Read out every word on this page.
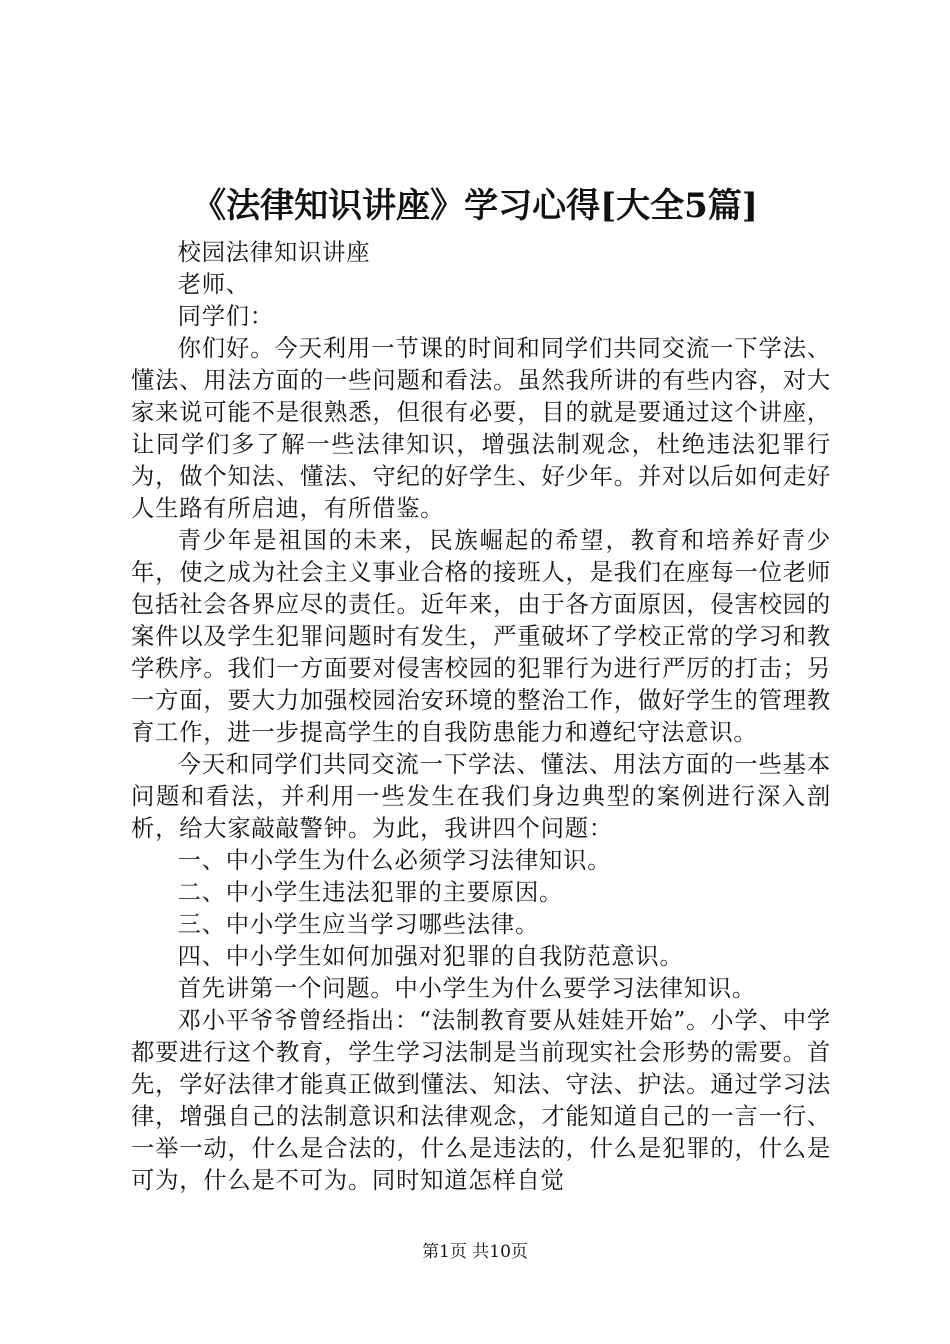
《法律知识讲座》学习心得[大全5篇]

校园法律知识讲座

老师、

同学们：

你们好。今天利用一节课的时间和同学们共同交流一下学法、懂法、用法方面的一些问题和看法。虽然我所讲的有些内容，对大家来说可能不是很熟悉，但很有必要，目的就是要通过这个讲座，让同学们多了解一些法律知识，增强法制观念，杜绝违法犯罪行为，做个知法、懂法、守纪的好学生、好少年。并对以后如何走好人生路有所启迪，有所借鉴。

青少年是祖国的未来，民族崛起的希望，教育和培养好青少年，使之成为社会主义事业合格的接班人，是我们在座每一位老师包括社会各界应尽的责任。近年来，由于各方面原因，侵害校园的案件以及学生犯罪问题时有发生，严重破坏了学校正常的学习和教学秩序。我们一方面要对侵害校园的犯罪行为进行严厉的打击；另一方面，要大力加强校园治安环境的整治工作，做好学生的管理教育工作，进一步提高学生的自我防患能力和遵纪守法意识。

今天和同学们共同交流一下学法、懂法、用法方面的一些基本问题和看法，并利用一些发生在我们身边典型的案例进行深入剖析，给大家敲敲警钟。为此，我讲四个问题：

一、中小学生为什么必须学习法律知识。

二、中小学生违法犯罪的主要原因。

三、中小学生应当学习哪些法律。

四、中小学生如何加强对犯罪的自我防范意识。

首先讲第一个问题。中小学生为什么要学习法律知识。

邓小平爷爷曾经指出：“法制教育要从娃娃开始”。小学、中学都要进行这个教育，学生学习法制是当前现实社会形势的需要。首先，学好法律才能真正做到懂法、知法、守法、护法。通过学习法律，增强自己的法制意识和法律观念，才能知道自己的一言一行、一举一动，什么是合法的，什么是违法的，什么是犯罪的，什么是可为，什么是不可为。同时知道怎样自觉

第1页 共10页
